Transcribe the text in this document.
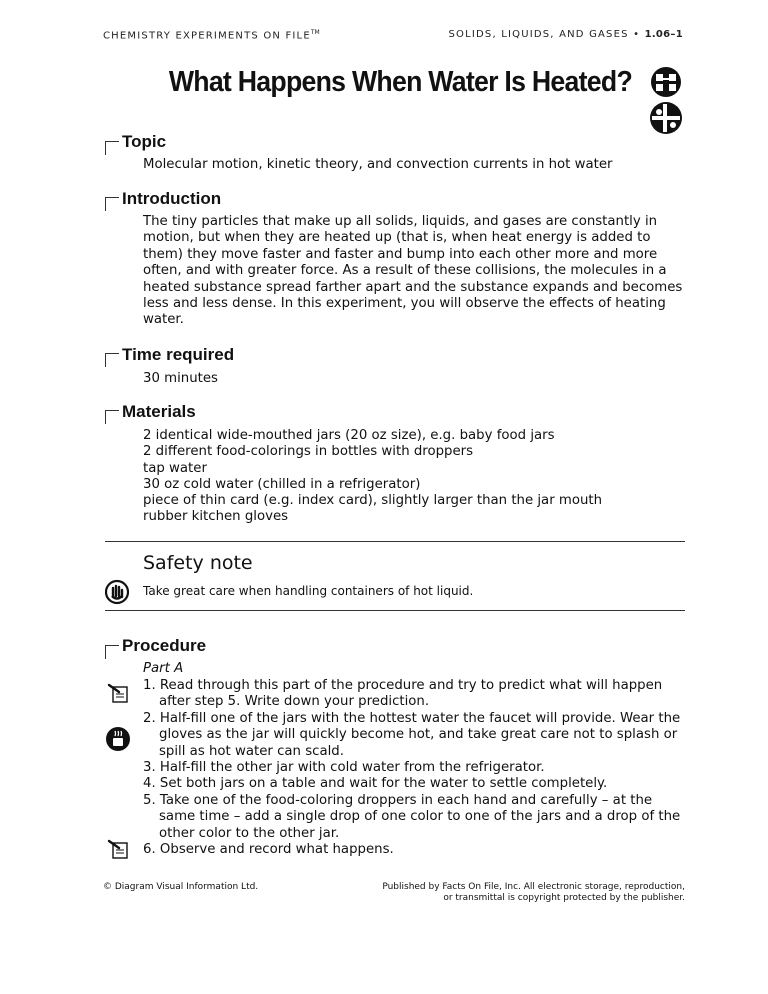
CHEMISTRY EXPERIMENTS ON FILE™	SOLIDS, LIQUIDS, AND GASES • 1.06–1
What Happens When Water Is Heated?
Topic
Molecular motion, kinetic theory, and convection currents in hot water
Introduction
The tiny particles that make up all solids, liquids, and gases are constantly in motion, but when they are heated up (that is, when heat energy is added to them) they move faster and faster and bump into each other more and more often, and with greater force. As a result of these collisions, the molecules in a heated substance spread farther apart and the substance expands and becomes less and less dense. In this experiment, you will observe the effects of heating water.
Time required
30 minutes
Materials
2 identical wide-mouthed jars (20 oz size), e.g. baby food jars
2 different food-colorings in bottles with droppers
tap water
30 oz cold water (chilled in a refrigerator)
piece of thin card (e.g. index card), slightly larger than the jar mouth
rubber kitchen gloves
Safety note
Take great care when handling containers of hot liquid.
Procedure
Part A
1. Read through this part of the procedure and try to predict what will happen after step 5. Write down your prediction.
2. Half-fill one of the jars with the hottest water the faucet will provide. Wear the gloves as the jar will quickly become hot, and take great care not to splash or spill as hot water can scald.
3. Half-fill the other jar with cold water from the refrigerator.
4. Set both jars on a table and wait for the water to settle completely.
5. Take one of the food-coloring droppers in each hand and carefully – at the same time – add a single drop of one color to one of the jars and a drop of the other color to the other jar.
6. Observe and record what happens.
© Diagram Visual Information Ltd.	Published by Facts On File, Inc. All electronic storage, reproduction,
or transmittal is copyright protected by the publisher.
